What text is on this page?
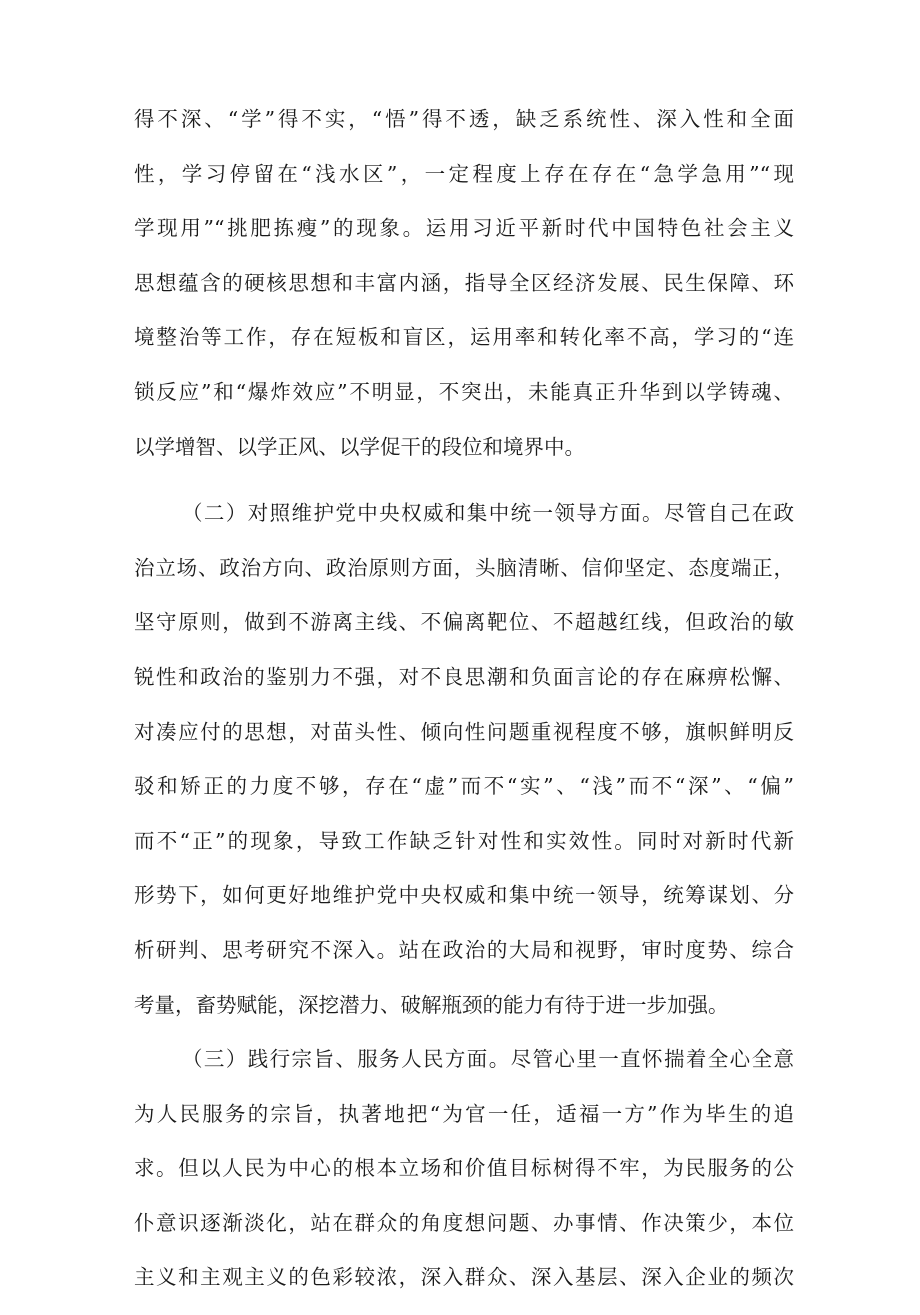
得不深、“学”得不实，“悟”得不透，缺乏系统性、深入性和全面
性，学习停留在“浅水区”，一定程度上存在存在“急学急用”“现
学现用”“挑肥拣瘦”的现象。运用习近平新时代中国特色社会主义
思想蕴含的硬核思想和丰富内涵，指导全区经济发展、民生保障、环
境整治等工作，存在短板和盲区，运用率和转化率不高，学习的“连
锁反应”和“爆炸效应”不明显，不突出，未能真正升华到以学铸魂、
以学增智、以学正风、以学促干的段位和境界中。
（二）对照维护党中央权威和集中统一领导方面。尽管自己在政
治立场、政治方向、政治原则方面，头脑清晰、信仰坚定、态度端正，
坚守原则，做到不游离主线、不偏离靶位、不超越红线，但政治的敏
锐性和政治的鉴别力不强，对不良思潮和负面言论的存在麻痹松懈、
对凑应付的思想，对苗头性、倾向性问题重视程度不够，旗帜鲜明反
驳和矫正的力度不够，存在“虚”而不“实”、“浅”而不“深”、“偏”
而不“正”的现象，导致工作缺乏针对性和实效性。同时对新时代新
形势下，如何更好地维护党中央权威和集中统一领导，统筹谋划、分
析研判、思考研究不深入。站在政治的大局和视野，审时度势、综合
考量，畜势赋能，深挖潜力、破解瓶颈的能力有待于进一步加强。
（三）践行宗旨、服务人民方面。尽管心里一直怀揣着全心全意
为人民服务的宗旨，执著地把“为官一任，适福一方”作为毕生的追
求。但以人民为中心的根本立场和价值目标树得不牢，为民服务的公
仆意识逐渐淡化，站在群众的角度想问题、办事情、作决策少，本位
主义和主观主义的色彩较浓，深入群众、深入基层、深入企业的频次
